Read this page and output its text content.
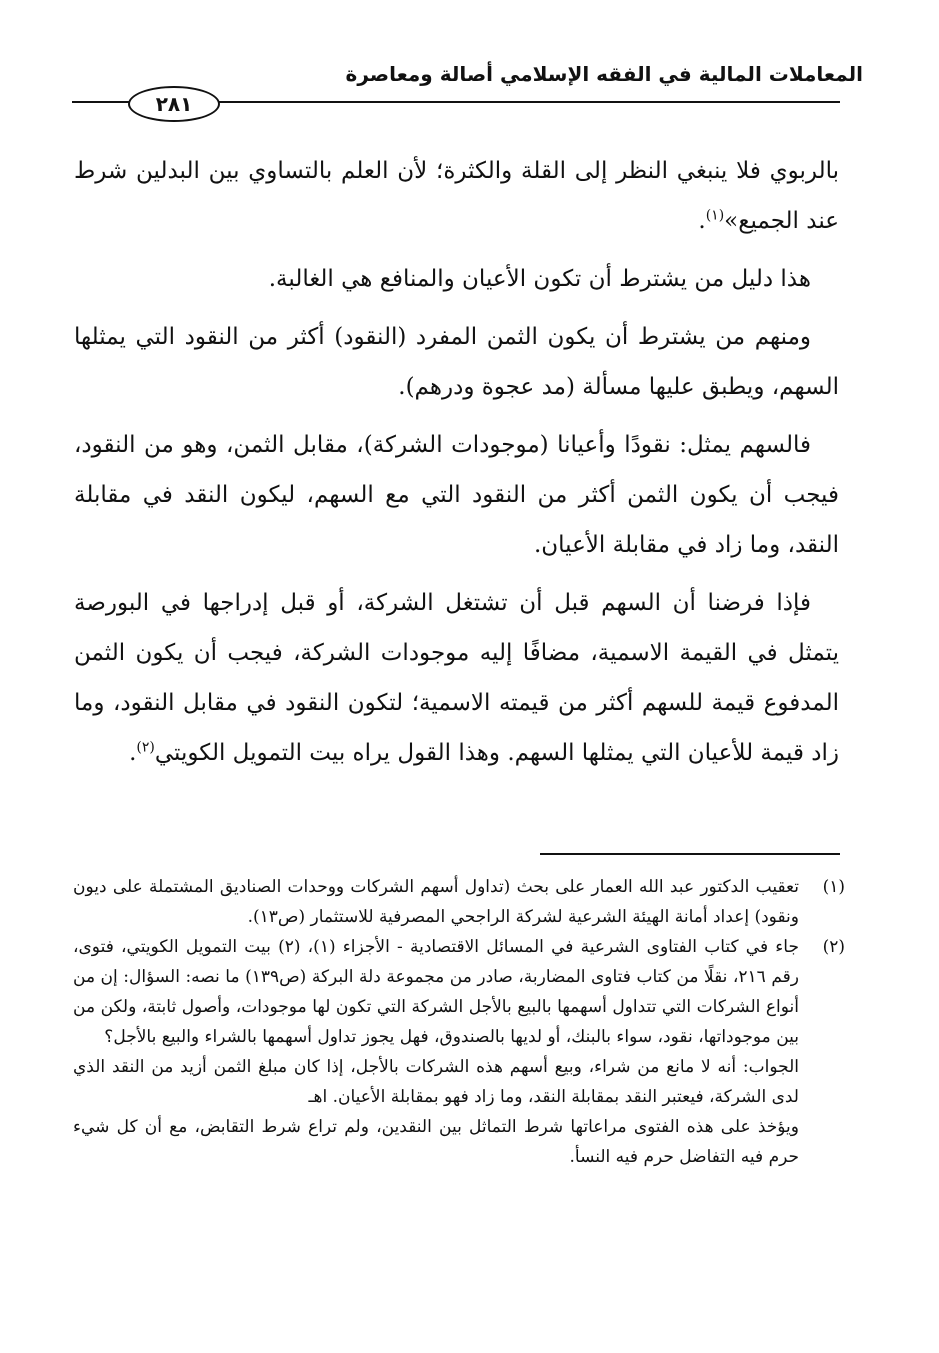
المعاملات المالية في الفقه الإسلامي أصالة ومعاصرة
٢٨١

بالربوي فلا ينبغي النظر إلى القلة والكثرة؛ لأن العلم بالتساوي بين البدلين شرط عند الجميع»$^{(١)}$.

هذا دليل من يشترط أن تكون الأعيان والمنافع هي الغالبة.

ومنهم من يشترط أن يكون الثمن المفرد (النقود) أكثر من النقود التي يمثلها السهم، ويطبق عليها مسألة (مد عجوة ودرهم).

فالسهم يمثل: نقودًا وأعيانا (موجودات الشركة)، مقابل الثمن، وهو من النقود، فيجب أن يكون الثمن أكثر من النقود التي مع السهم، ليكون النقد في مقابلة النقد، وما زاد في مقابلة الأعيان.

فإذا فرضنا أن السهم قبل أن تشتغل الشركة، أو قبل إدراجها في البورصة يتمثل في القيمة الاسمية، مضافًا إليه موجودات الشركة، فيجب أن يكون الثمن المدفوع قيمة للسهم أكثر من قيمته الاسمية؛ لتكون النقود في مقابل النقود، وما زاد قيمة للأعيان التي يمثلها السهم. وهذا القول يراه بيت التمويل الكويتي$^{(٢)}$.

(١)

تعقيب الدكتور عبد الله العمار على بحث (تداول أسهم الشركات ووحدات الصناديق المشتملة على ديون ونقود) إعداد أمانة الهيئة الشرعية لشركة الراجحي المصرفية للاستثمار (ص١٣).

(٢)

جاء في كتاب الفتاوى الشرعية في المسائل الاقتصادية - الأجزاء (١)، (٢) بيت التمويل الكويتي، فتوى، رقم ٢١٦، نقلًا من كتاب فتاوى المضاربة، صادر من مجموعة دلة البركة (ص١٣٩) ما نصه: السؤال: إن من أنواع الشركات التي تتداول أسهمها بالبيع بالأجل الشركة التي تكون لها موجودات، وأصول ثابتة، ولكن من بين موجوداتها، نقود، سواء بالبنك، أو لديها بالصندوق، فهل يجوز تداول أسهمها بالشراء والبيع بالأجل؟

الجواب: أنه لا مانع من شراء، وبيع أسهم هذه الشركات بالأجل، إذا كان مبلغ الثمن أزيد من النقد الذي لدى الشركة، فيعتبر النقد بمقابلة النقد، وما زاد فهو بمقابلة الأعيان. اهـ

ويؤخذ على هذه الفتوى مراعاتها شرط التماثل بين النقدين، ولم تراع شرط التقابض، مع أن كل شيء حرم فيه التفاضل حرم فيه النسأ.
